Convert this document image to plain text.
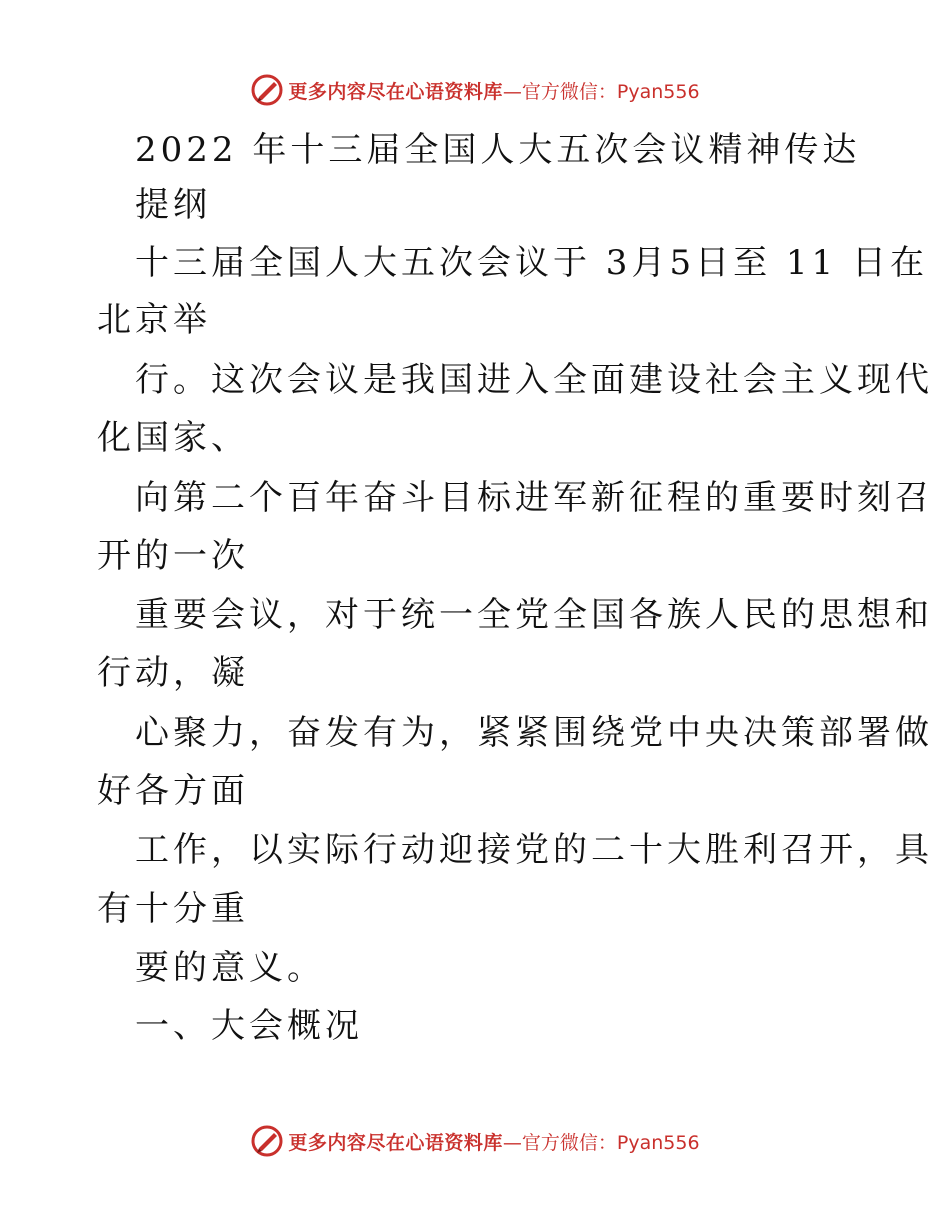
更多内容尽在心语资料库 —官方微信：Pyan556
2022 年十三届全国人大五次会议精神传达
提纲
十三届全国人大五次会议于 3月5日至 11 日在
北京举
行。这次会议是我国进入全面建设社会主义现代
化国家、
向第二个百年奋斗目标进军新征程的重要时刻召
开的一次
重要会议，对于统一全党全国各族人民的思想和
行动，凝
心聚力，奋发有为，紧紧围绕党中央决策部署做
好各方面
工作，以实际行动迎接党的二十大胜利召开，具
有十分重
要的意义。
一、大会概况
更多内容尽在心语资料库 —官方微信：Pyan556
